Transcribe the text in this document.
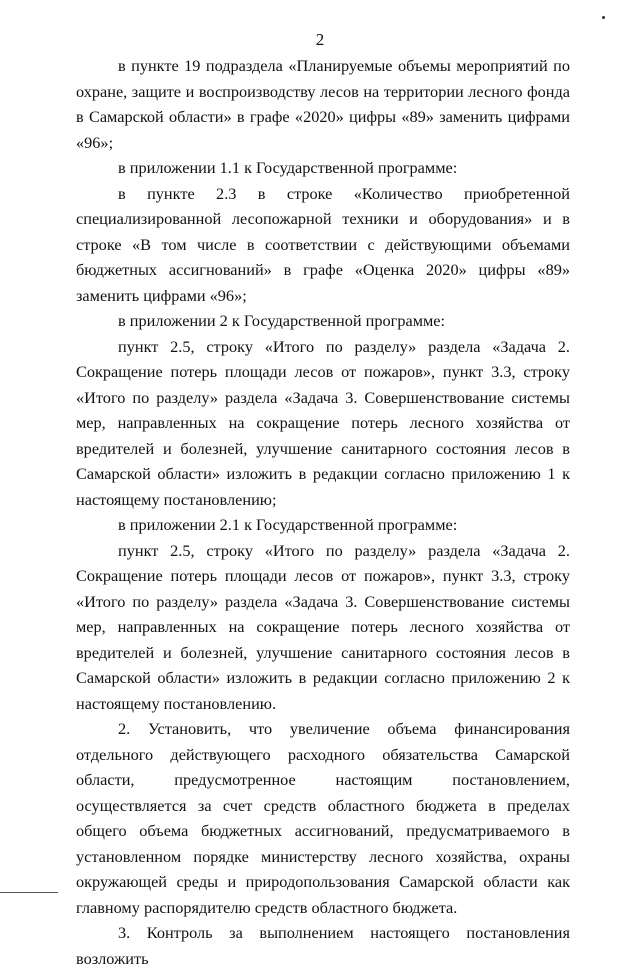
2

в пункте 19 подраздела «Планируемые объемы мероприятий по охране, защите и воспроизводству лесов на территории лесного фонда в Самарской области» в графе «2020» цифры «89» заменить цифрами «96»;

в приложении 1.1 к Государственной программе:

в пункте 2.3 в строке «Количество приобретенной специализированной лесопожарной техники и оборудования» и в строке «В том числе в соответствии с действующими объемами бюджетных ассигнований» в графе «Оценка 2020» цифры «89» заменить цифрами «96»;

в приложении 2 к Государственной программе:

пункт 2.5, строку «Итого по разделу» раздела «Задача 2. Сокращение потерь площади лесов от пожаров», пункт 3.3, строку «Итого по разделу» раздела «Задача 3. Совершенствование системы мер, направленных на сокращение потерь лесного хозяйства от вредителей и болезней, улучшение санитарного состояния лесов в Самарской области» изложить в редакции согласно приложению 1 к настоящему постановлению;

в приложении 2.1 к Государственной программе:

пункт 2.5, строку «Итого по разделу» раздела «Задача 2. Сокращение потерь площади лесов от пожаров», пункт 3.3, строку «Итого по разделу» раздела «Задача 3. Совершенствование системы мер, направленных на сокращение потерь лесного хозяйства от вредителей и болезней, улучшение санитарного состояния лесов в Самарской области» изложить в редакции согласно приложению 2 к настоящему постановлению.

2. Установить, что увеличение объема финансирования отдельного действующего расходного обязательства Самарской области, предусмотренное настоящим постановлением, осуществляется за счет средств областного бюджета в пределах общего объема бюджетных ассигнований, предусматриваемого в установленном порядке министерству лесного хозяйства, охраны окружающей среды и природопользования Самарской области как главному распорядителю средств областного бюджета.

3. Контроль за выполнением настоящего постановления возложить
